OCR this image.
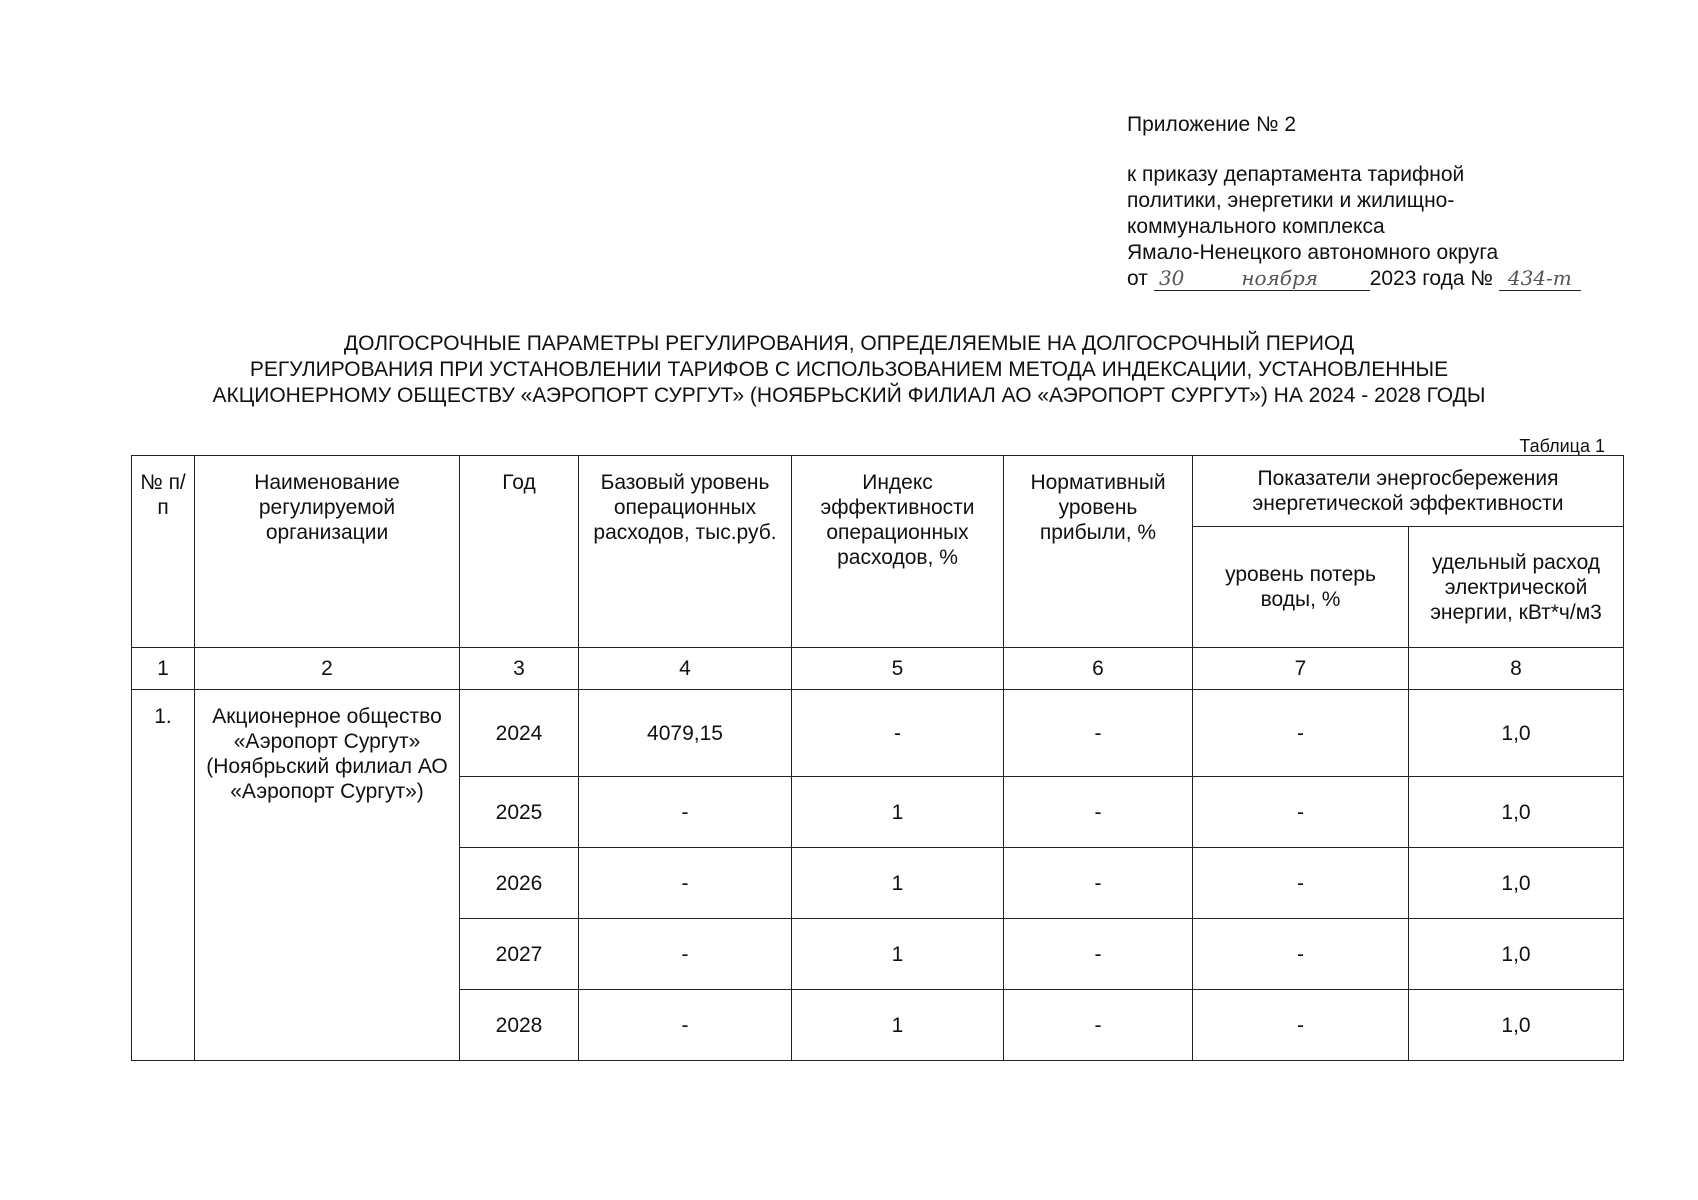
Приложение № 2
к приказу департамента тарифной
политики, энергетики и жилищно-
коммунального комплекса
Ямало-Ненецкого автономного округа
от 30	ноября 2023 года № 434-т
ДОЛГОСРОЧНЫЕ ПАРАМЕТРЫ РЕГУЛИРОВАНИЯ, ОПРЕДЕЛЯЕМЫЕ НА ДОЛГОСРОЧНЫЙ ПЕРИОД
РЕГУЛИРОВАНИЯ ПРИ УСТАНОВЛЕНИИ ТАРИФОВ С ИСПОЛЬЗОВАНИЕМ МЕТОДА ИНДЕКСАЦИИ, УСТАНОВЛЕННЫЕ
АКЦИОНЕРНОМУ ОБЩЕСТВУ «АЭРОПОРТ СУРГУТ» (НОЯБРЬСКИЙ ФИЛИАЛ АО «АЭРОПОРТ СУРГУТ») НА 2024 - 2028 ГОДЫ
Таблица 1
№ п/п	Наименование регулируемой организации	Год	Базовый уровень операционных расходов, тыс.руб.	Индекс эффективности операционных расходов, %	Нормативный уровень прибыли, %	Показатели энергосбережения энергетической эффективности	
						уровень потерь воды, %	удельный расход электрической энергии, кВт*ч/м3
1	2	3	4	5	6	7	8
1.	Акционерное общество «Аэропорт Сургут» (Ноябрьский филиал АО «Аэропорт Сургут»)	2024	4079,15	-	-	-	1,0
		2025	-	1	-	-	1,0
		2026	-	1	-	-	1,0
		2027	-	1	-	-	1,0
		2028	-	1	-	-	1,0
